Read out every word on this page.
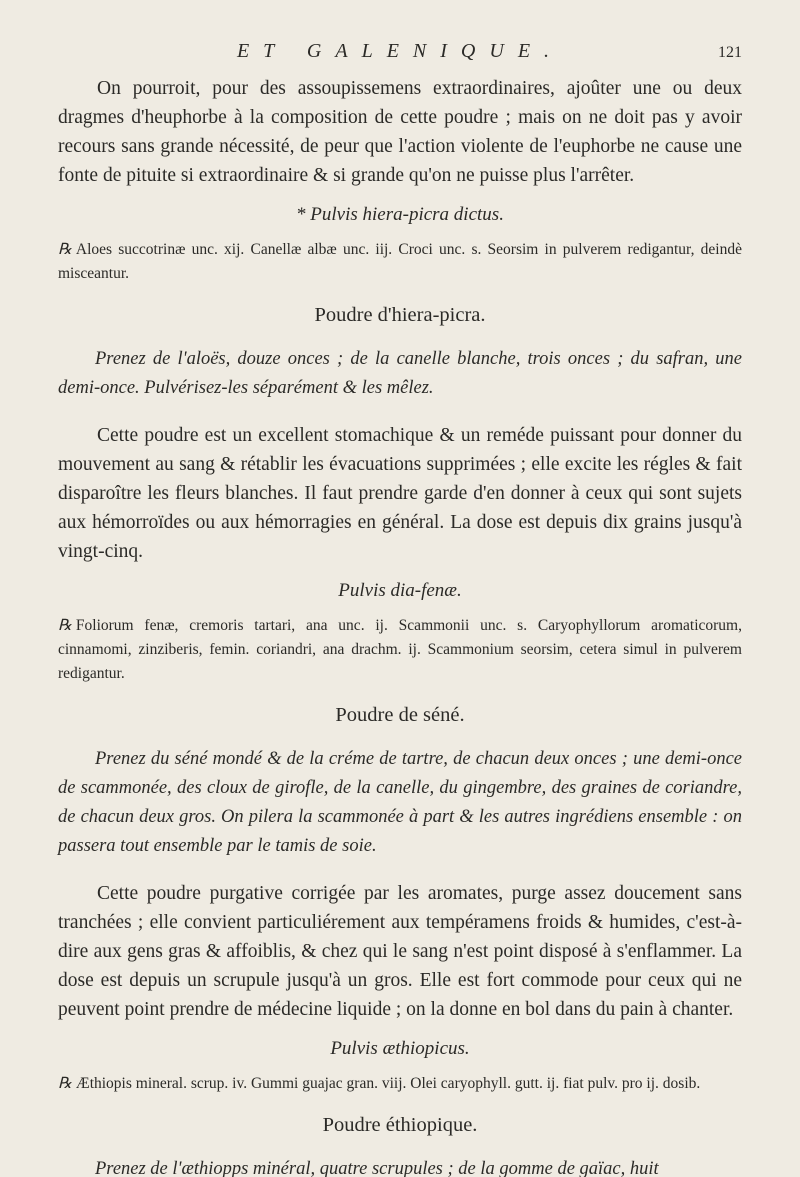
ET GALENIQUE.	121

On pourroit, pour des assoupissemens extraordinaires, ajoûter une ou deux dragmes d'heuphorbe à la composition de cette poudre ; mais on ne doit pas y avoir recours sans grande nécessité, de peur que l'action violente de l'euphorbe ne cause une fonte de pituite si extraordinaire & si grande qu'on ne puisse plus l'arrêter.

* Pulvis hiera-picra dictus.

℞ Aloes succotrinæ unc. xij. Canellæ albæ unc. iij. Croci unc. s. Seorsim in pulverem redigantur, deindè misceantur.

Poudre d'hiera-picra.

Prenez de l'aloës, douze onces ; de la canelle blanche, trois onces ; du safran, une demi-once. Pulvérisez-les séparément & les mêlez.

Cette poudre est un excellent stomachique & un reméde puissant pour donner du mouvement au sang & rétablir les évacuations supprimées ; elle excite les régles & fait disparoître les fleurs blanches. Il faut prendre garde d'en donner à ceux qui sont sujets aux hémorroïdes ou aux hémorragies en général. La dose est depuis dix grains jusqu'à vingt-cinq.

Pulvis dia-fenæ.

℞ Foliorum fenæ, cremoris tartari, ana unc. ij. Scammonii unc. s. Caryophyllorum aromaticorum, cinnamomi, zinziberis, femin. coriandri, ana drachm. ij. Scammonium seorsim, cetera simul in pulverem redigantur.

Poudre de séné.

Prenez du séné mondé & de la créme de tartre, de chacun deux onces ; une demi-once de scammonée, des cloux de girofle, de la canelle, du gingembre, des graines de coriandre, de chacun deux gros. On pilera la scammonée à part & les autres ingrédiens ensemble : on passera tout ensemble par le tamis de soie.

Cette poudre purgative corrigée par les aromates, purge assez doucement sans tranchées ; elle convient particuliérement aux tempéramens froids & humides, c'est-à-dire aux gens gras & affoiblis, & chez qui le sang n'est point disposé à s'enflammer. La dose est depuis un scrupule jusqu'à un gros. Elle est fort commode pour ceux qui ne peuvent point prendre de médecine liquide ; on la donne en bol dans du pain à chanter.

Pulvis æthiopicus.

℞ Æthiopis mineral. scrup. iv. Gummi guajac gran. viij. Olei caryophyll. gutt. ij. fiat pulv. pro ij. dosib.

Poudre éthiopique.

Prenez de l'æthiopps minéral, quatre scrupules ; de la gomme de gaïac, huit
